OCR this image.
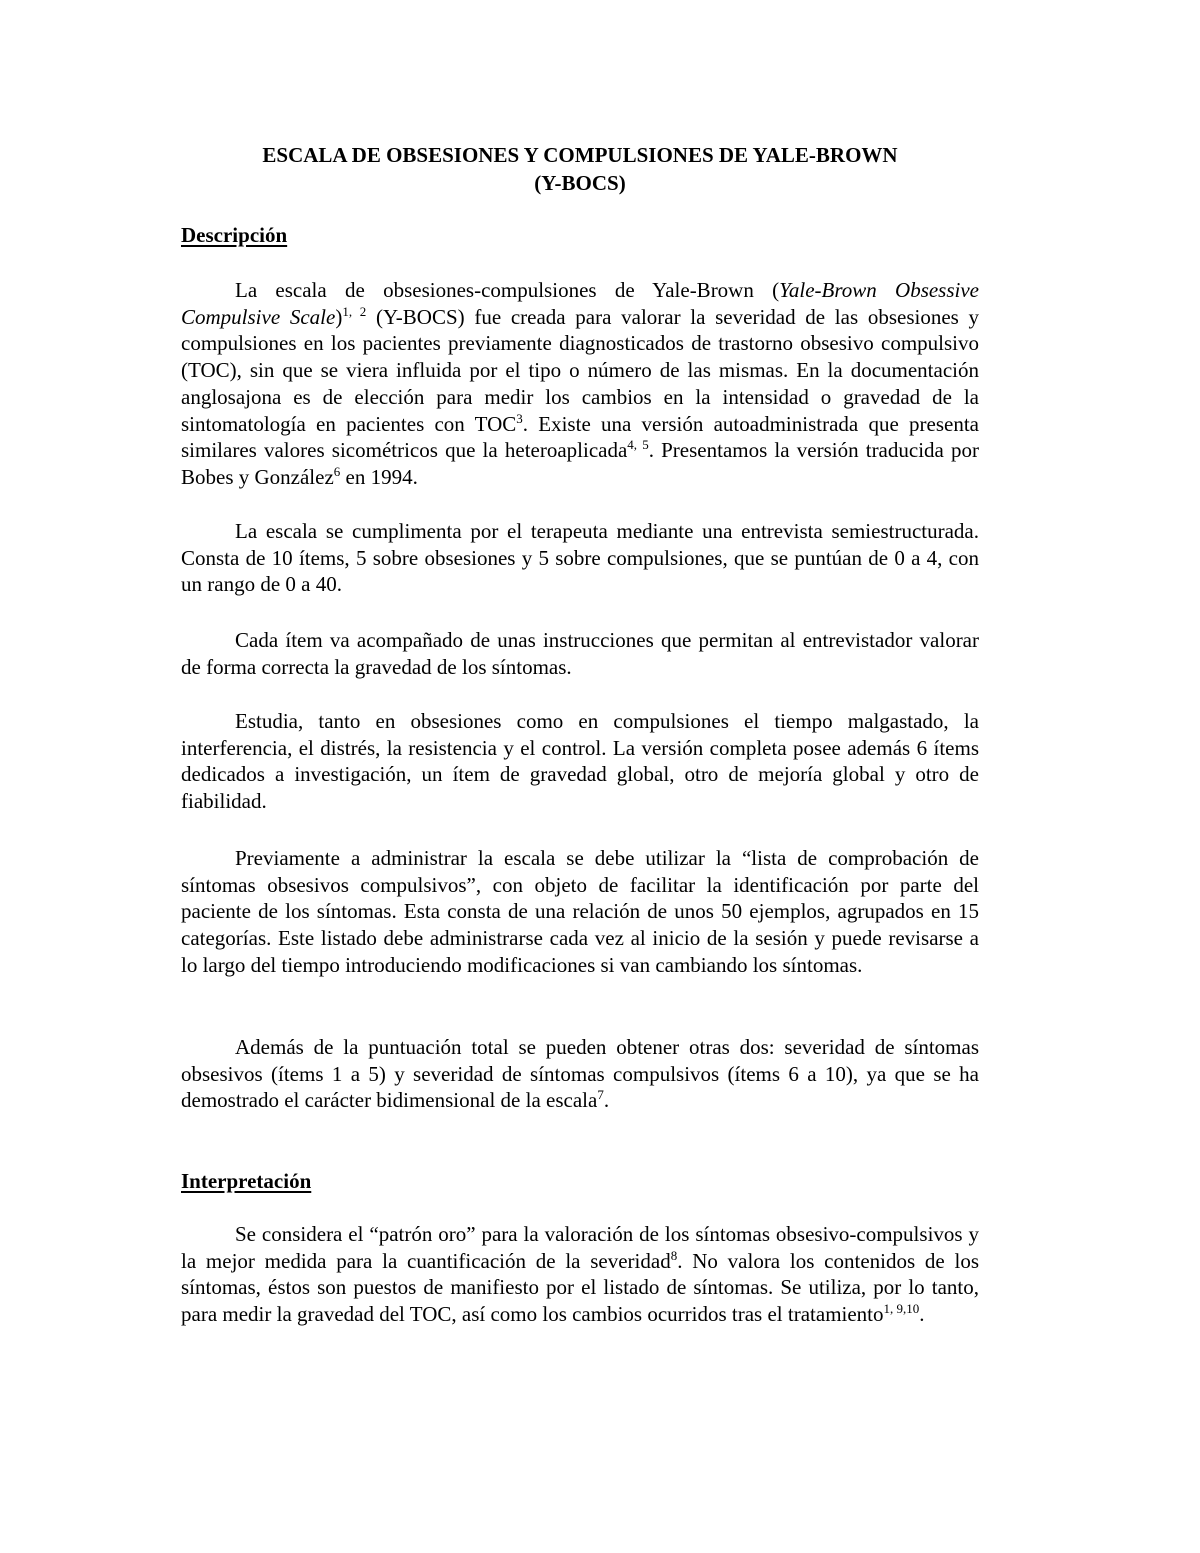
ESCALA DE OBSESIONES Y COMPULSIONES DE YALE-BROWN
(Y-BOCS)
Descripción

La escala de obsesiones-compulsiones de Yale-Brown (Yale-Brown Obsessive Compulsive Scale)$^{1, 2}$ (Y-BOCS) fue creada para valorar la severidad de las obsesiones y compulsiones en los pacientes previamente diagnosticados de trastorno obsesivo compulsivo (TOC), sin que se viera influida por el tipo o número de las mismas. En la documentación anglosajona es de elección para medir los cambios en la intensidad o gravedad de la sintomatología en pacientes con TOC$^3$. Existe una versión autoadministrada que presenta similares valores sicométricos que la heteroaplicada$^{4, 5}$. Presentamos la versión traducida por Bobes y González$^6$ en 1994.

La escala se cumplimenta por el terapeuta mediante una entrevista semiestructurada. Consta de 10 ítems, 5 sobre obsesiones y 5 sobre compulsiones, que se puntúan de 0 a 4, con un rango de 0 a 40.

Cada ítem va acompañado de unas instrucciones que permitan al entrevistador valorar de forma correcta la gravedad de los síntomas.

Estudia, tanto en obsesiones como en compulsiones el tiempo malgastado, la interferencia, el distrés, la resistencia y el control. La versión completa posee además 6 ítems dedicados a investigación, un ítem de gravedad global, otro de mejoría global y otro de fiabilidad.

Previamente a administrar la escala se debe utilizar la “lista de comprobación de síntomas obsesivos compulsivos”, con objeto de facilitar la identificación por parte del paciente de los síntomas. Esta consta de una relación de unos 50 ejemplos, agrupados en 15 categorías. Este listado debe administrarse cada vez al inicio de la sesión y puede revisarse a lo largo del tiempo introduciendo modificaciones si van cambiando los síntomas.

Además de la puntuación total se pueden obtener otras dos: severidad de síntomas obsesivos (ítems 1 a 5) y severidad de síntomas compulsivos (ítems 6 a 10), ya que se ha demostrado el carácter bidimensional de la escala$^7$.

Interpretación

Se considera el “patrón oro” para la valoración de los síntomas obsesivo-compulsivos y la mejor medida para la cuantificación de la severidad$^8$. No valora los contenidos de los síntomas, éstos son puestos de manifiesto por el listado de síntomas. Se utiliza, por lo tanto, para medir la gravedad del TOC, así como los cambios ocurridos tras el tratamiento$^{1, 9,10}$.
